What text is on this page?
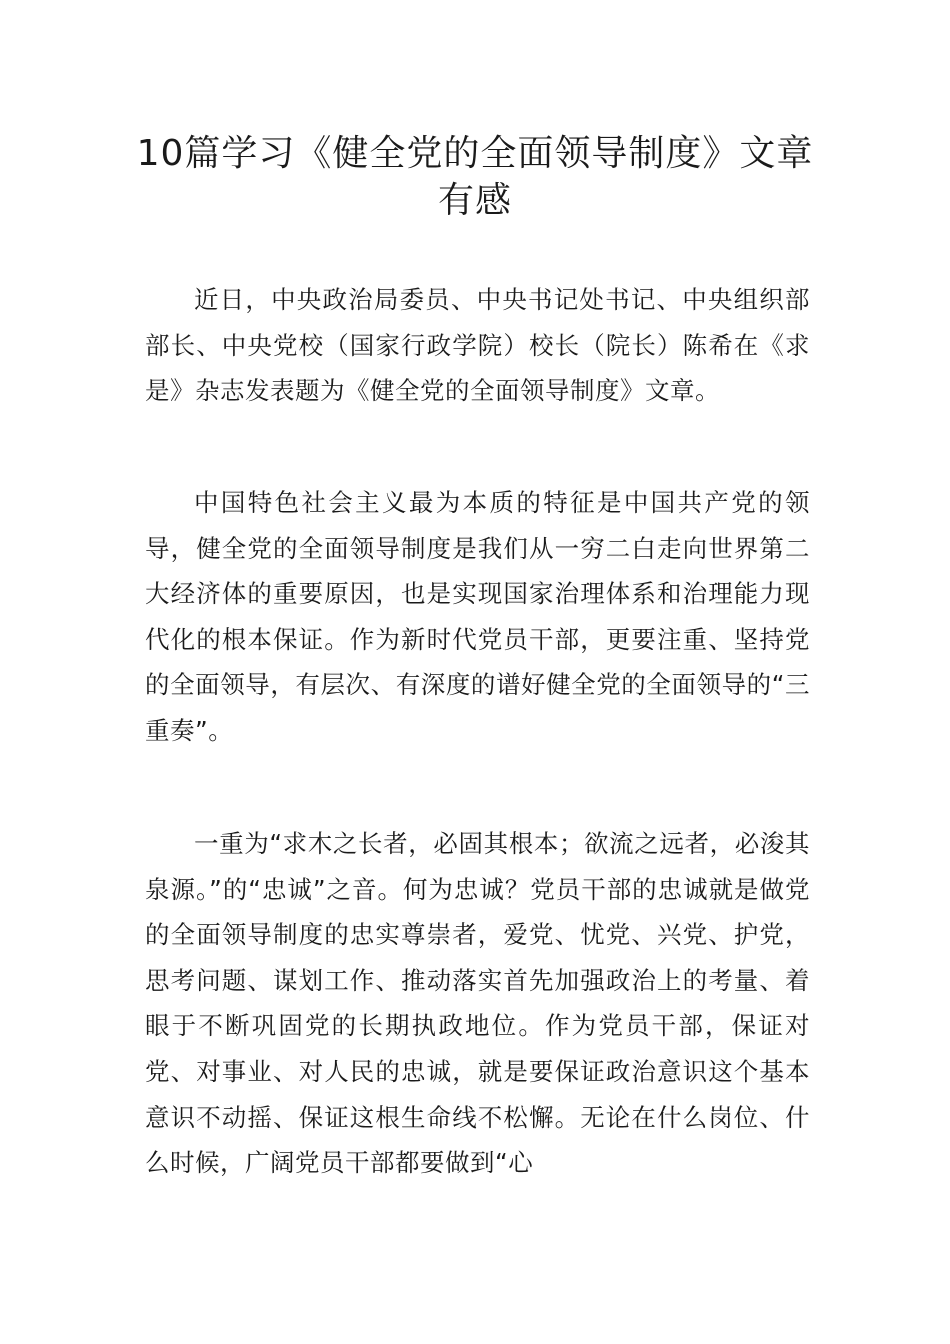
10篇学习《健全党的全面领导制度》文章
有感

近日，中央政治局委员、中央书记处书记、中央组织部部长、中央党校（国家行政学院）校长（院长）陈希在《求是》杂志发表题为《健全党的全面领导制度》文章。

中国特色社会主义最为本质的特征是中国共产党的领导，健全党的全面领导制度是我们从一穷二白走向世界第二大经济体的重要原因，也是实现国家治理体系和治理能力现代化的根本保证。作为新时代党员干部，更要注重、坚持党的全面领导，有层次、有深度的谱好健全党的全面领导的“三重奏”。

一重为“求木之长者，必固其根本；欲流之远者，必浚其泉源。”的“忠诚”之音。何为忠诚？党员干部的忠诚就是做党的全面领导制度的忠实尊崇者，爱党、忧党、兴党、护党，思考问题、谋划工作、推动落实首先加强政治上的考量、着眼于不断巩固党的长期执政地位。作为党员干部，保证对党、对事业、对人民的忠诚，就是要保证政治意识这个基本意识不动摇、保证这根生命线不松懈。无论在什么岗位、什么时候，广阔党员干部都要做到“心
